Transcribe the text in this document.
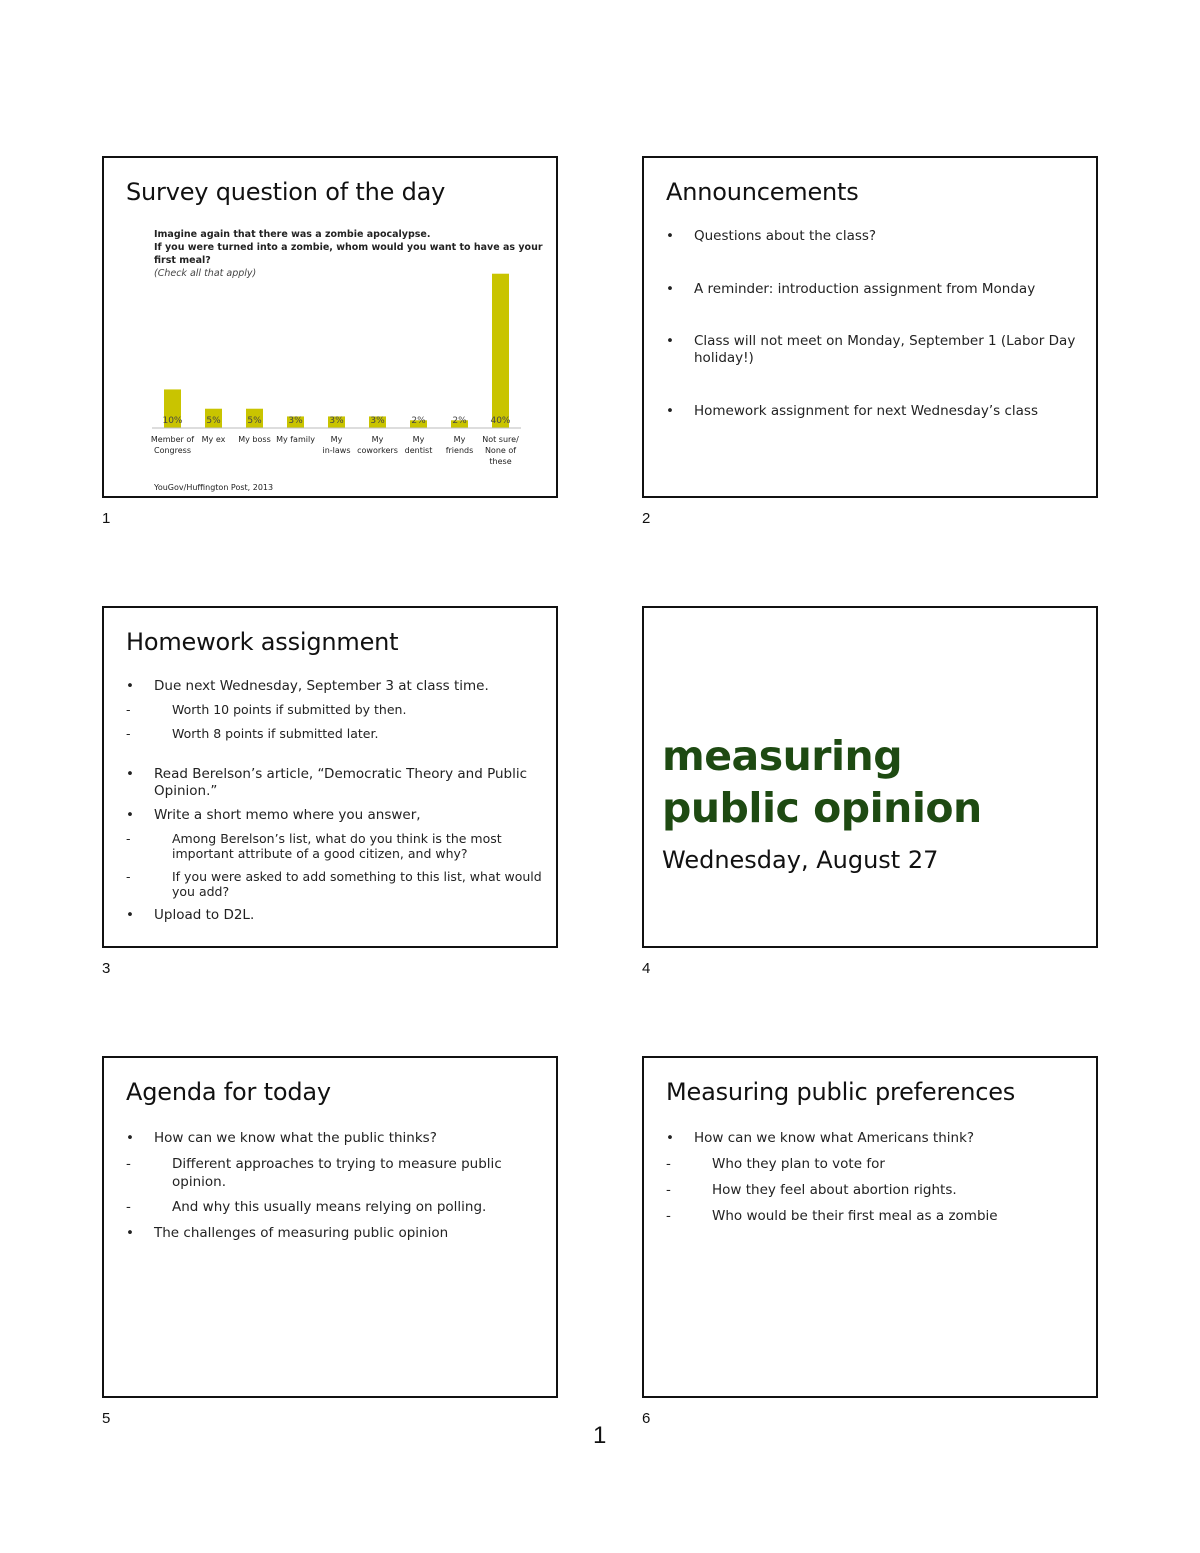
Survey question of the day
Imagine again that there was a zombie apocalypse.
If you were turned into a zombie, whom would you want to have as your first meal?
(Check all that apply)
10%
Member of Congress
5%
My ex
5%
My boss
3%
My family
3%
My in-laws
3%
My coworkers
2%
My dentist
2%
My friends
40%
Not sure/ None of these
YouGov/Huffington Post, 2013
1
Announcements
•	Questions about the class?
•	A reminder: introduction assignment from Monday
•	Class will not meet on Monday, September 1 (Labor Day holiday!)
•	Homework assignment for next Wednesday’s class
2
Homework assignment
•	Due next Wednesday, September 3 at class time.
-	Worth 10 points if submitted by then.
-	Worth 8 points if submitted later.
•	Read Berelson’s article, “Democratic Theory and Public Opinion.”
•	Write a short memo where you answer,
-	Among Berelson’s list, what do you think is the most important attribute of a good citizen, and why?
-	If you were asked to add something to this list, what would you add?
•	Upload to D2L.
3
measuring
public opinion
Wednesday, August 27
4
Agenda for today
•	How can we know what the public thinks?
-	Different approaches to trying to measure public opinion.
-	And why this usually means relying on polling.
•	The challenges of measuring public opinion
5
Measuring public preferences
•	How can we know what Americans think?
-	Who they plan to vote for
-	How they feel about abortion rights.
-	Who would be their first meal as a zombie
6
1
